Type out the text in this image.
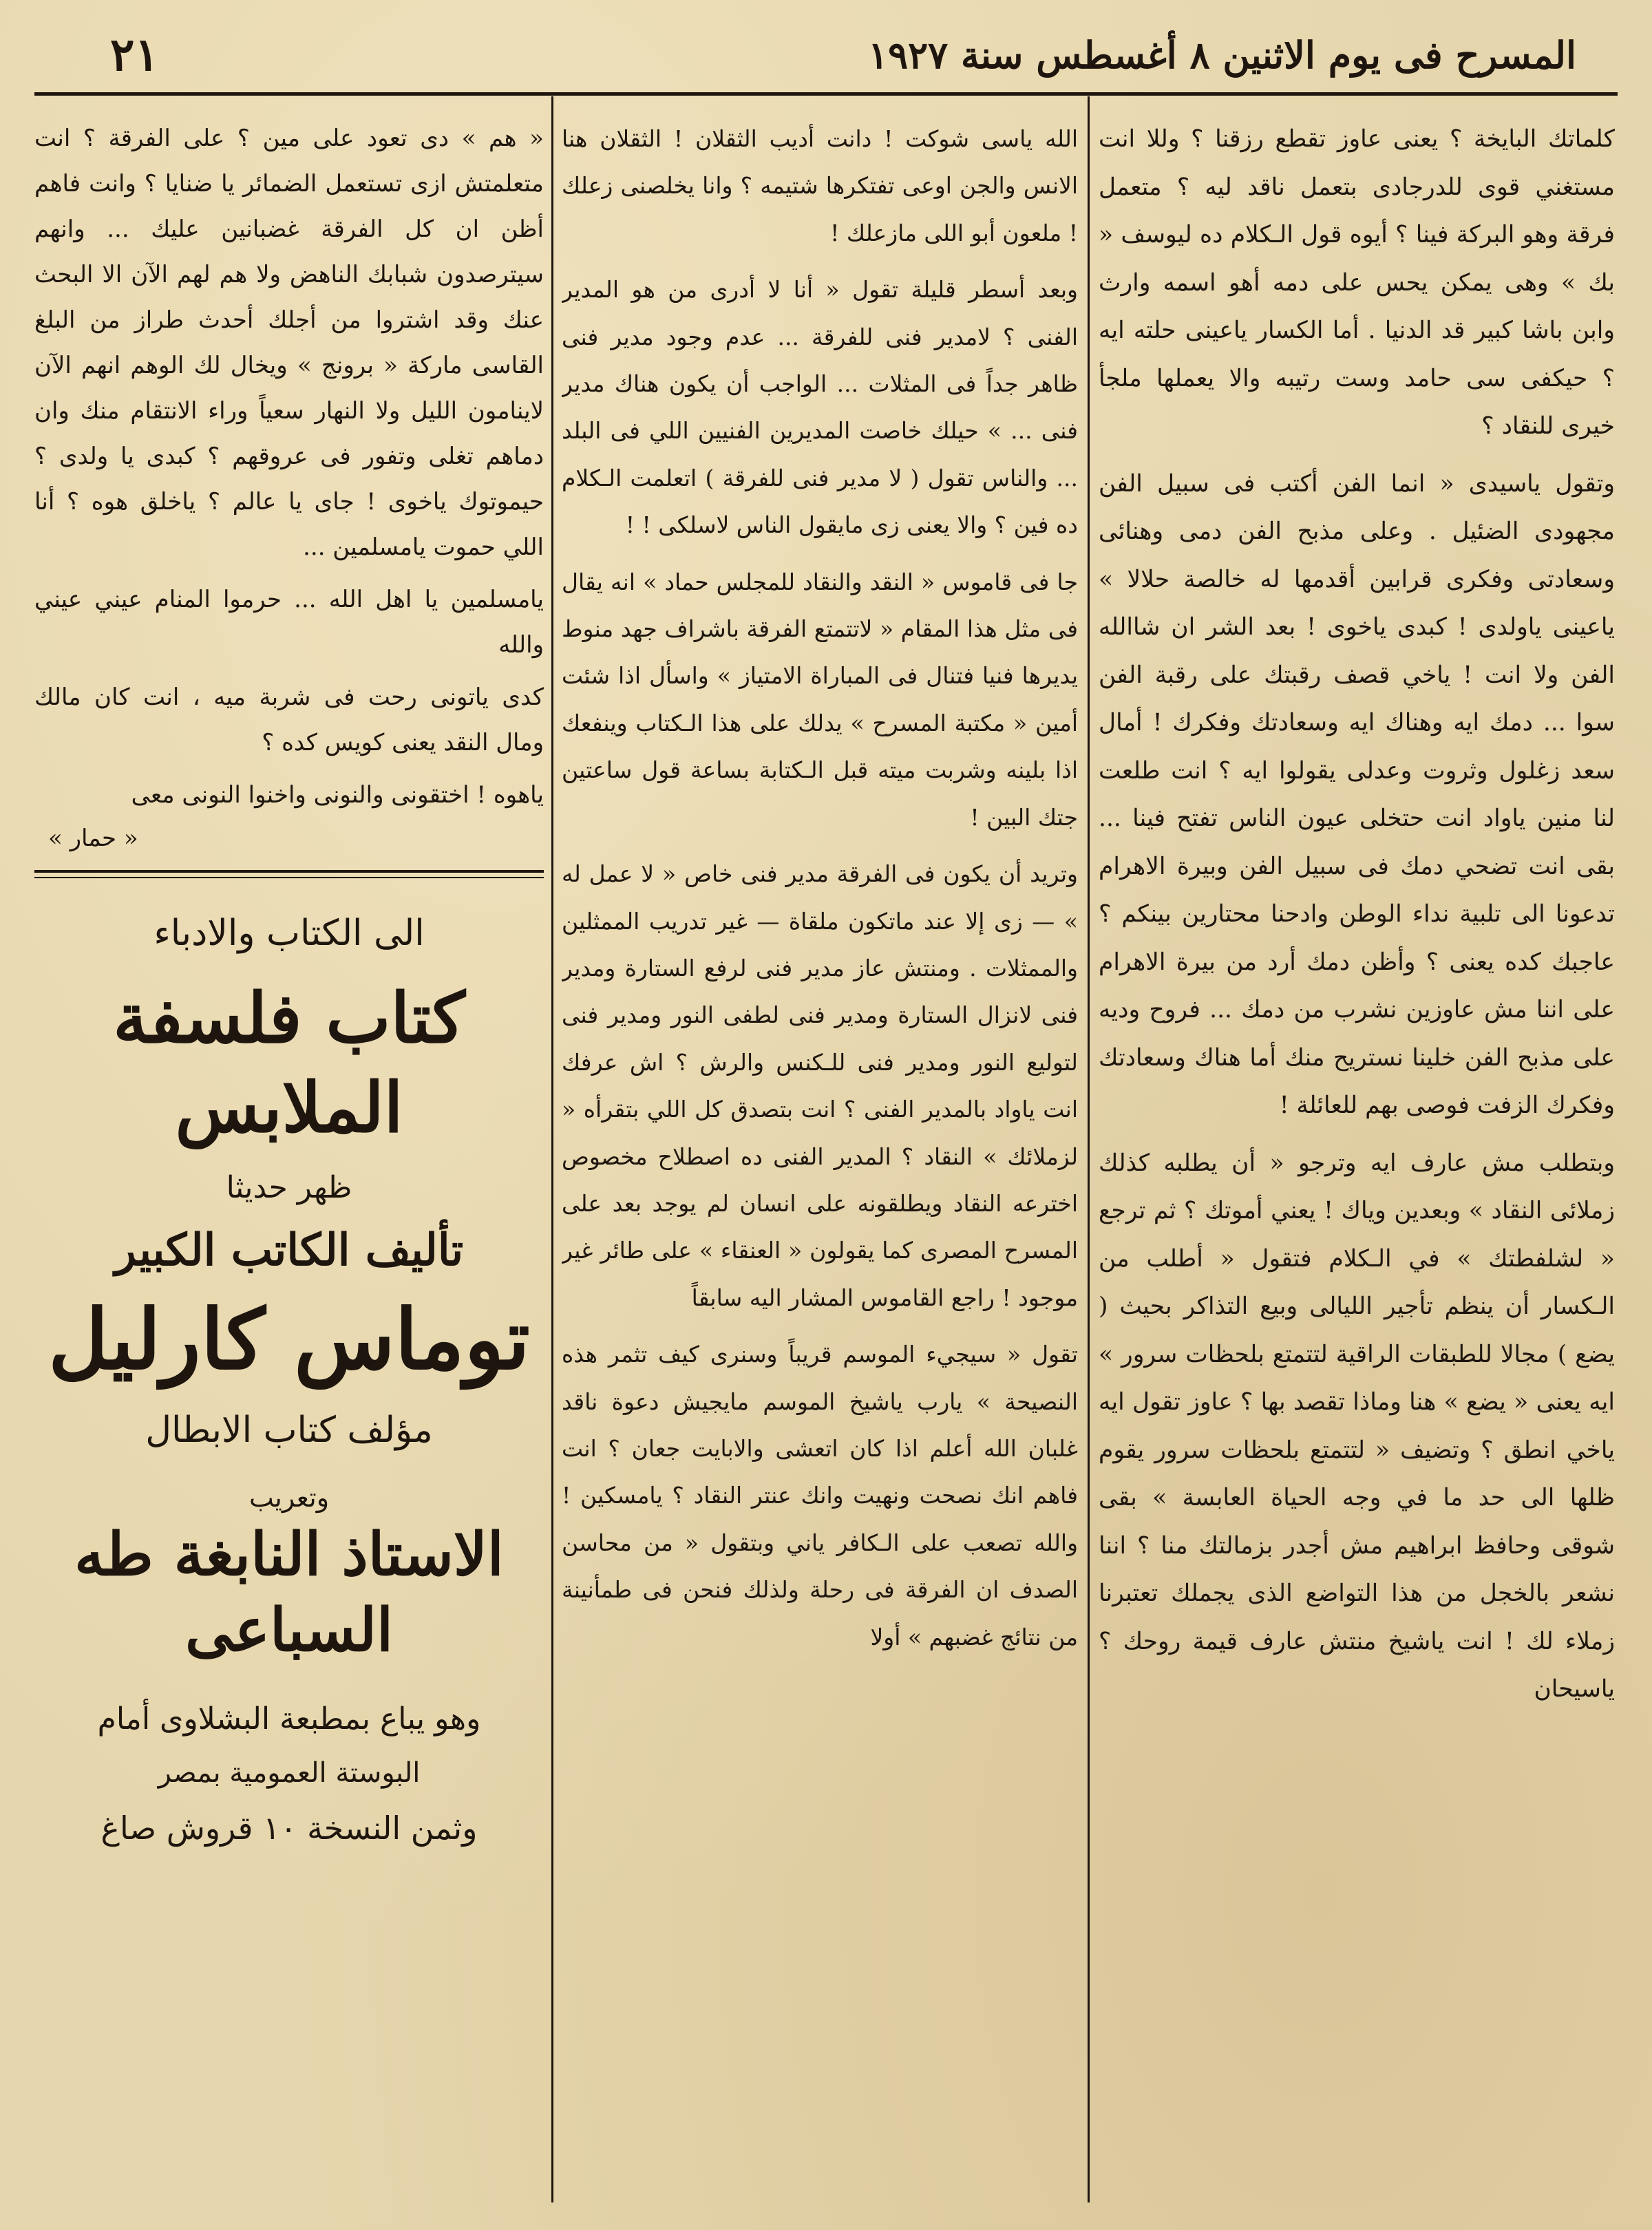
٢١	المسرح فى يوم الاثنين ٨ أغسطس سنة ١٩٢٧

كلماتك البايخة ؟ يعنى عاوز تقطع رزقنا ؟ وللا انت مستغني قوى للدرجادى بتعمل ناقد ليه ؟ متعمل فرقة وهو البركة فينا ؟ أيوه قول الـكلام ده ليوسف « بك » وهى يمكن يحس على دمه أهو اسمه وارث وابن باشا كبير قد الدنيا . أما الكسار ياعينى حلته ايه ؟ حيكفى سى حامد وست رتيبه والا يعملها ملجأ خيرى للنقاد ؟

وتقول ياسيدى « انما الفن أكتب فى سبيل الفن مجهودى الضئيل . وعلى مذبح الفن دمى وهنائى وسعادتى وفكرى قرابين أقدمها له خالصة حلالا » ياعينى ياولدى ! كبدى ياخوى ! بعد الشر ان شاالله الفن ولا انت ! ياخي قصف رقبتك على رقبة الفن سوا ... دمك ايه وهناك ايه وسعادتك وفكرك ! أمال سعد زغلول وثروت وعدلى يقولوا ايه ؟ انت طلعت لنا منين ياواد انت حتخلى عيون الناس تفتح فينا ... بقى انت تضحي دمك فى سبيل الفن وبيرة الاهرام تدعونا الى تلبية نداء الوطن وادحنا محتارين بينكم ؟ عاجبك كده يعنى ؟ وأظن دمك أرد من بيرة الاهرام على اننا مش عاوزين نشرب من دمك ... فروح وديه على مذبح الفن خلينا نستريح منك أما هناك وسعادتك وفكرك الزفت فوصى بهم للعائلة !

وبتطلب مش عارف ايه وترجو « أن يطلبه كذلك زملائى النقاد » وبعدين وياك ! يعني أموتك ؟ ثم ترجع « لشلفطتك » في الـكلام فتقول « أطلب من الـكسار أن ينظم تأجير الليالى وبيع التذاكر بحيث ( يضع ) مجالا للطبقات الراقية لتتمتع بلحظات سرور » ايه يعنى « يضع » هنا وماذا تقصد بها ؟ عاوز تقول ايه ياخي انطق ؟ وتضيف « لتتمتع بلحظات سرور يقوم ظلها الى حد ما في وجه الحياة العابسة » بقى شوقى وحافظ ابراهيم مش أجدر بزمالتك منا ؟ اننا نشعر بالخجل من هذا التواضع الذى يجملك تعتبرنا زملاء لك ! انت ياشيخ منتش عارف قيمة روحك ؟ ياسيحان

الله ياسى شوكت ! دانت أديب الثقلان ! الثقلان هنا الانس والجن اوعى تفتكرها شتيمه ؟ وانا يخلصنى زعلك ! ملعون أبو اللى مازعلك !

وبعد أسطر قليلة تقول « أنا لا أدرى من هو المدير الفنى ؟ لامدير فنى للفرقة ... عدم وجود مدير فنى ظاهر جداً فى المثلات ... الواجب أن يكون هناك مدير فنى ... » حيلك خاصت المديرين الفنيين اللي فى البلد ... والناس تقول ( لا مدير فنى للفرقة ) اتعلمت الـكلام ده فين ؟ والا يعنى زى مايقول الناس لاسلكى ! !

جا فى قاموس « النقد والنقاد للمجلس حماد » انه يقال فى مثل هذا المقام « لاتتمتع الفرقة باشراف جهد منوط يديرها فنيا فتنال فى المباراة الامتياز » واسأل اذا شئت أمين « مكتبة المسرح » يدلك على هذا الـكتاب وينفعك اذا بلينه وشربت ميته قبل الـكتابة بساعة قول ساعتين جتك البين !

وتريد أن يكون فى الفرقة مدير فنى خاص « لا عمل له » — زى إلا عند ماتكون ملقاة — غير تدريب الممثلين والممثلات . ومنتش عاز مدير فنى لرفع الستارة ومدير فنى لانزال الستارة ومدير فنى لطفى النور ومدير فنى لتوليع النور ومدير فنى للـكنس والرش ؟ اش عرفك انت ياواد بالمدير الفنى ؟ انت بتصدق كل اللي بتقرأه « لزملائك » النقاد ؟ المدير الفنى ده اصطلاح مخصوص اخترعه النقاد ويطلقونه على انسان لم يوجد بعد على المسرح المصرى كما يقولون « العنقاء » على طائر غير موجود ! راجع القاموس المشار اليه سابقاً

تقول « سيجيء الموسم قريباً وسنرى كيف تثمر هذه النصيحة » يارب ياشيخ الموسم مايجيش دعوة ناقد غلبان الله أعلم اذا كان اتعشى والابايت جعان ؟ انت فاهم انك نصحت ونهيت وانك عنتر النقاد ؟ يامسكين ! والله تصعب على الـكافر ياني وبتقول « من محاسن الصدف ان الفرقة فى رحلة ولذلك فنحن فى طمأنينة من نتائج غضبهم » أولا

« هم » دى تعود على مين ؟ على الفرقة ؟ انت متعلمتش ازى تستعمل الضمائر يا ضنايا ؟ وانت فاهم أظن ان كل الفرقة غضبانين عليك ... وانهم سيترصدون شبابك الناهض ولا هم لهم الآن الا البحث عنك وقد اشتروا من أجلك أحدث طراز من البلغ القاسى ماركة « برونج » ويخال لك الوهم انهم الآن لاينامون الليل ولا النهار سعياً وراء الانتقام منك وان دماهم تغلى وتفور فى عروقهم ؟ كبدى يا ولدى ؟ حيموتوك ياخوى ! جاى يا عالم ؟ ياخلق هوه ؟ أنا اللي حموت يامسلمين ...

يامسلمين يا اهل الله ... حرموا المنام عيني عيني والله

كدى ياتونى رحت فى شربة ميه ، انت كان مالك ومال النقد يعنى كويس كده ؟

ياهوه ! اختقونى والنونى واخنوا النونى معى

« حمار »
الى الكتاب والادباء
كتاب فلسفة الملابس
ظهر حديثا
تأليف الكاتب الكبير
توماس كارليل
مؤلف كتاب الابطال
وتعريب
الاستاذ النابغة طه السباعى
وهو يباع بمطبعة البشلاوى أمام
البوستة العمومية بمصر
وثمن النسخة ١٠ قروش صاغ
